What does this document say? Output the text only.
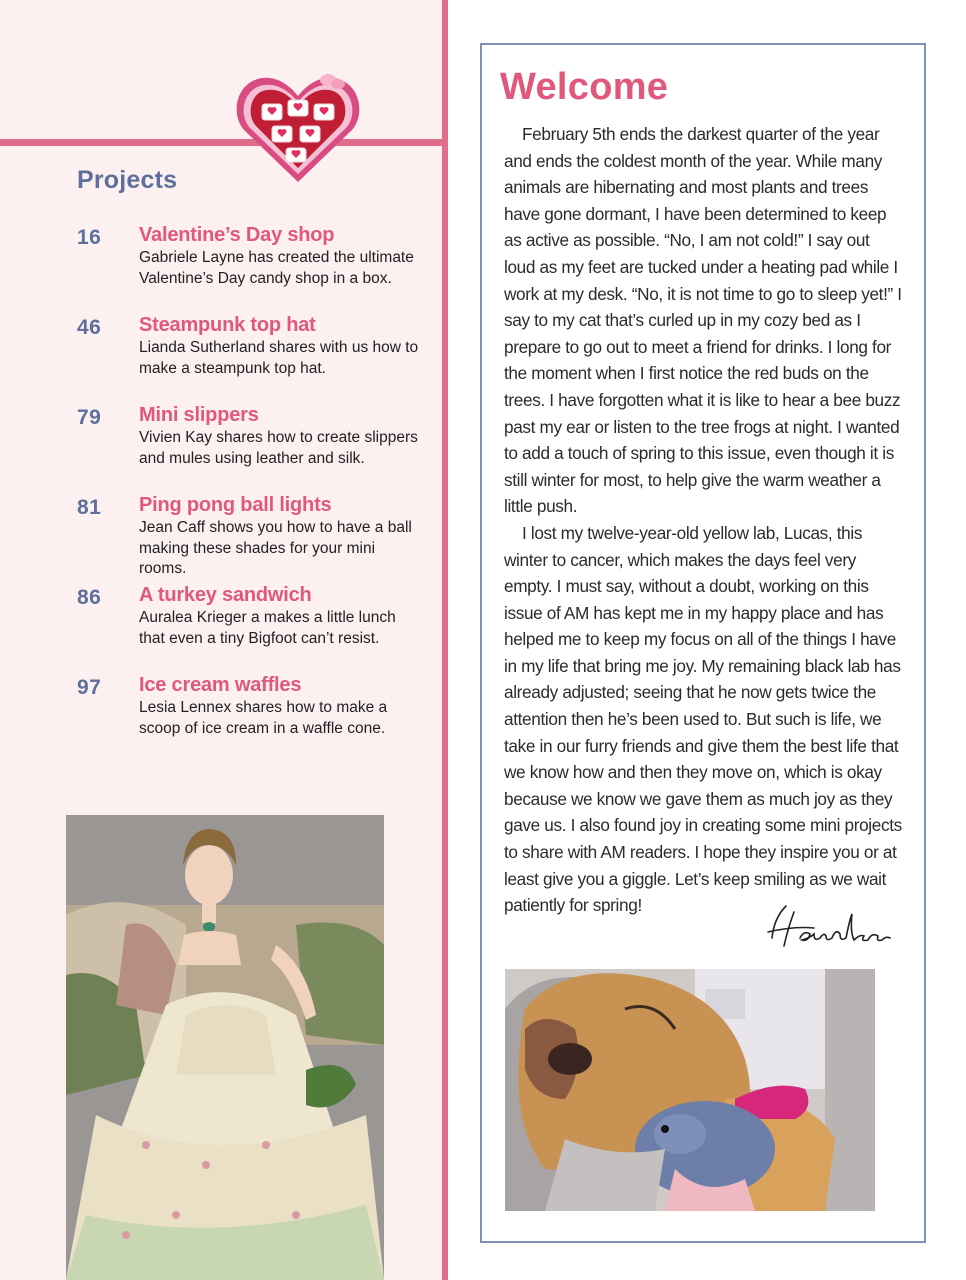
Projects
16 Valentine’s Day shop
Gabriele Layne has created the ultimate Valentine’s Day candy shop in a box.
46 Steampunk top hat
Lianda Sutherland shares with us how to make a steampunk top hat.
79 Mini slippers
Vivien Kay shares how to create slippers and mules using leather and silk.
81 Ping pong ball lights
Jean Caff shows you how to have a ball making these shades for your mini rooms.
86 A turkey sandwich
Auralea Krieger a makes a little lunch that even a tiny Bigfoot can’t resist.
97 Ice cream waffles
Lesia Lennex shares how to make a scoop of ice cream in a waffle cone.
Welcome

February 5th ends the darkest quarter of the year and ends the coldest month of the year. While many animals are hibernating and most plants and trees have gone dormant, I have been determined to keep as active as possible. “No, I am not cold!” I say out loud as my feet are tucked under a heating pad while I work at my desk. “No, it is not time to go to sleep yet!” I say to my cat that’s curled up in my cozy bed as I prepare to go out to meet a friend for drinks. I long for the moment when I first notice the red buds on the trees. I have forgotten what it is like to hear a bee buzz past my ear or listen to the tree frogs at night. I wanted to add a touch of spring to this issue, even though it is still winter for most, to help give the warm weather a little push.

I lost my twelve-year-old yellow lab, Lucas, this winter to cancer, which makes the days feel very empty. I must say, without a doubt, working on this issue of AM has kept me in my happy place and has helped me to keep my focus on all of the things I have in my life that bring me joy. My remaining black lab has already adjusted; seeing that he now gets twice the attention then he’s been used to. But such is life, we take in our furry friends and give them the best life that we know how and then they move on, which is okay because we know we gave them as much joy as they gave us. I also found joy in creating some mini projects to share with AM readers. I hope they inspire you or at least give you a giggle. Let’s keep smiling as we wait patiently for spring!
